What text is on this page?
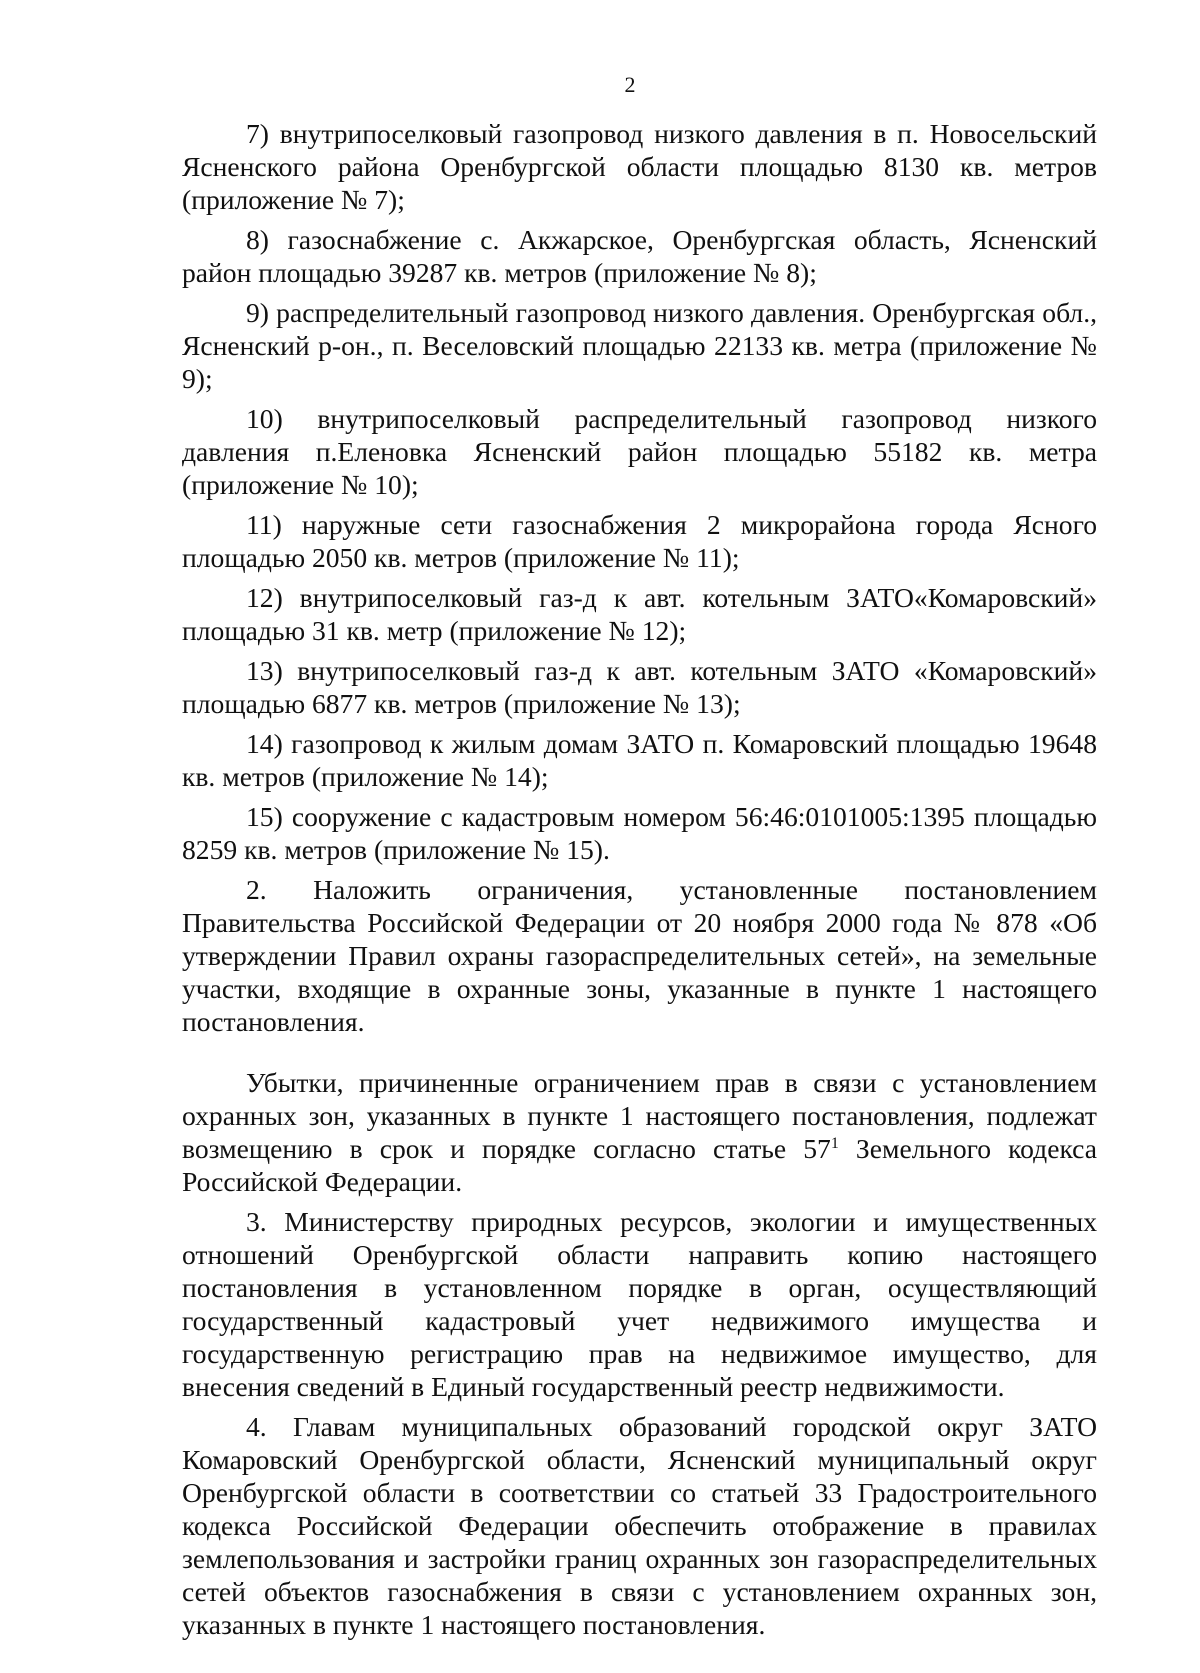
2

7) внутрипоселковый газопровод низкого давления в п. Новосельский Ясненского района Оренбургской области площадью 8130 кв. метров (приложение № 7);

8) газоснабжение с. Акжарское, Оренбургская область, Ясненский район площадью 39287 кв. метров (приложение № 8);

9) распределительный газопровод низкого давления. Оренбургская обл., Ясненский р-он., п. Веселовский площадью 22133 кв. метра (приложение № 9);

10) внутрипоселковый распределительный газопровод низкого давления п.Еленовка Ясненский район площадью 55182 кв. метра (приложение № 10);

11) наружные сети газоснабжения 2 микрорайона города Ясного площадью 2050 кв. метров (приложение № 11);

12) внутрипоселковый газ-д к авт. котельным ЗАТО«Комаровский» площадью 31 кв. метр (приложение № 12);

13) внутрипоселковый газ-д к авт. котельным ЗАТО «Комаровский» площадью 6877 кв. метров (приложение № 13);

14) газопровод к жилым домам ЗАТО п. Комаровский площадью 19648 кв. метров (приложение № 14);

15) сооружение с кадастровым номером 56:46:0101005:1395 площадью 8259 кв. метров (приложение № 15).

2. Наложить ограничения, установленные постановлением Правительства Российской Федерации от 20 ноября 2000 года № 878 «Об утверждении Правил охраны газораспределительных сетей», на земельные участки, входящие в охранные зоны, указанные в пункте 1 настоящего постановления.

Убытки, причиненные ограничением прав в связи с установлением охранных зон, указанных в пункте 1 настоящего постановления, подлежат возмещению в срок и порядке согласно статье $57^1$ Земельного кодекса Российской Федерации.

3. Министерству природных ресурсов, экологии и имущественных отношений Оренбургской области направить копию настоящего постановления в установленном порядке в орган, осуществляющий государственный кадастровый учет недвижимого имущества и государственную регистрацию прав на недвижимое имущество, для внесения сведений в Единый государственный реестр недвижимости.

4. Главам муниципальных образований городской округ ЗАТО Комаровский Оренбургской области, Ясненский муниципальный округ Оренбургской области в соответствии со статьей 33 Градостроительного кодекса Российской Федерации обеспечить отображение в правилах землепользования и застройки границ охранных зон газораспределительных сетей объектов газоснабжения в связи с установлением охранных зон, указанных в пункте 1 настоящего постановления.
